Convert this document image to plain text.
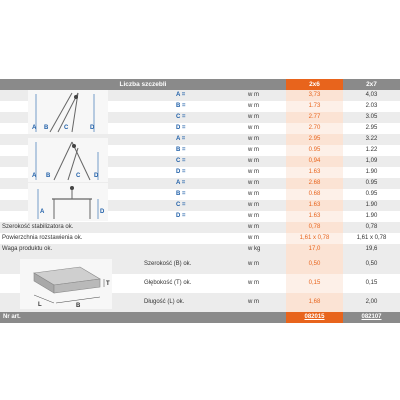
Liczba szczebli	2x6	2x7
A =	w m	3,73	4,03
B =	w m	1.73	2.03
C =	w m	2.77	3.05
D =	w m	2.70	2.95
A =	w m	2.95	3.22
B =	w m	0.95	1.22
C =	w m	0,94	1,09
D =	w m	1.63	1.90
A =	w m	2.68	0.95
B =	w m	0.68	0.95
C =	w m	1.63	1.90
D =	w m	1.63	1.90
Szerokość stabilizatora ok.	w m	0,78	0,78
Powierzchnia rozstawienia ok.	w m	1,61 x 0,78	1,61 x 0,78
Waga produktu ok.	w kg	17,0	19,6
Szerokość (B) ok.	w m	0,50	0,50
Głębokość (T) ok.	w m	0,15	0,15
Długość (L) ok.	w m	1,68	2,00
A B	C	D
A B	C D
A	D
L	B
T
Nr art.	082015	082107
